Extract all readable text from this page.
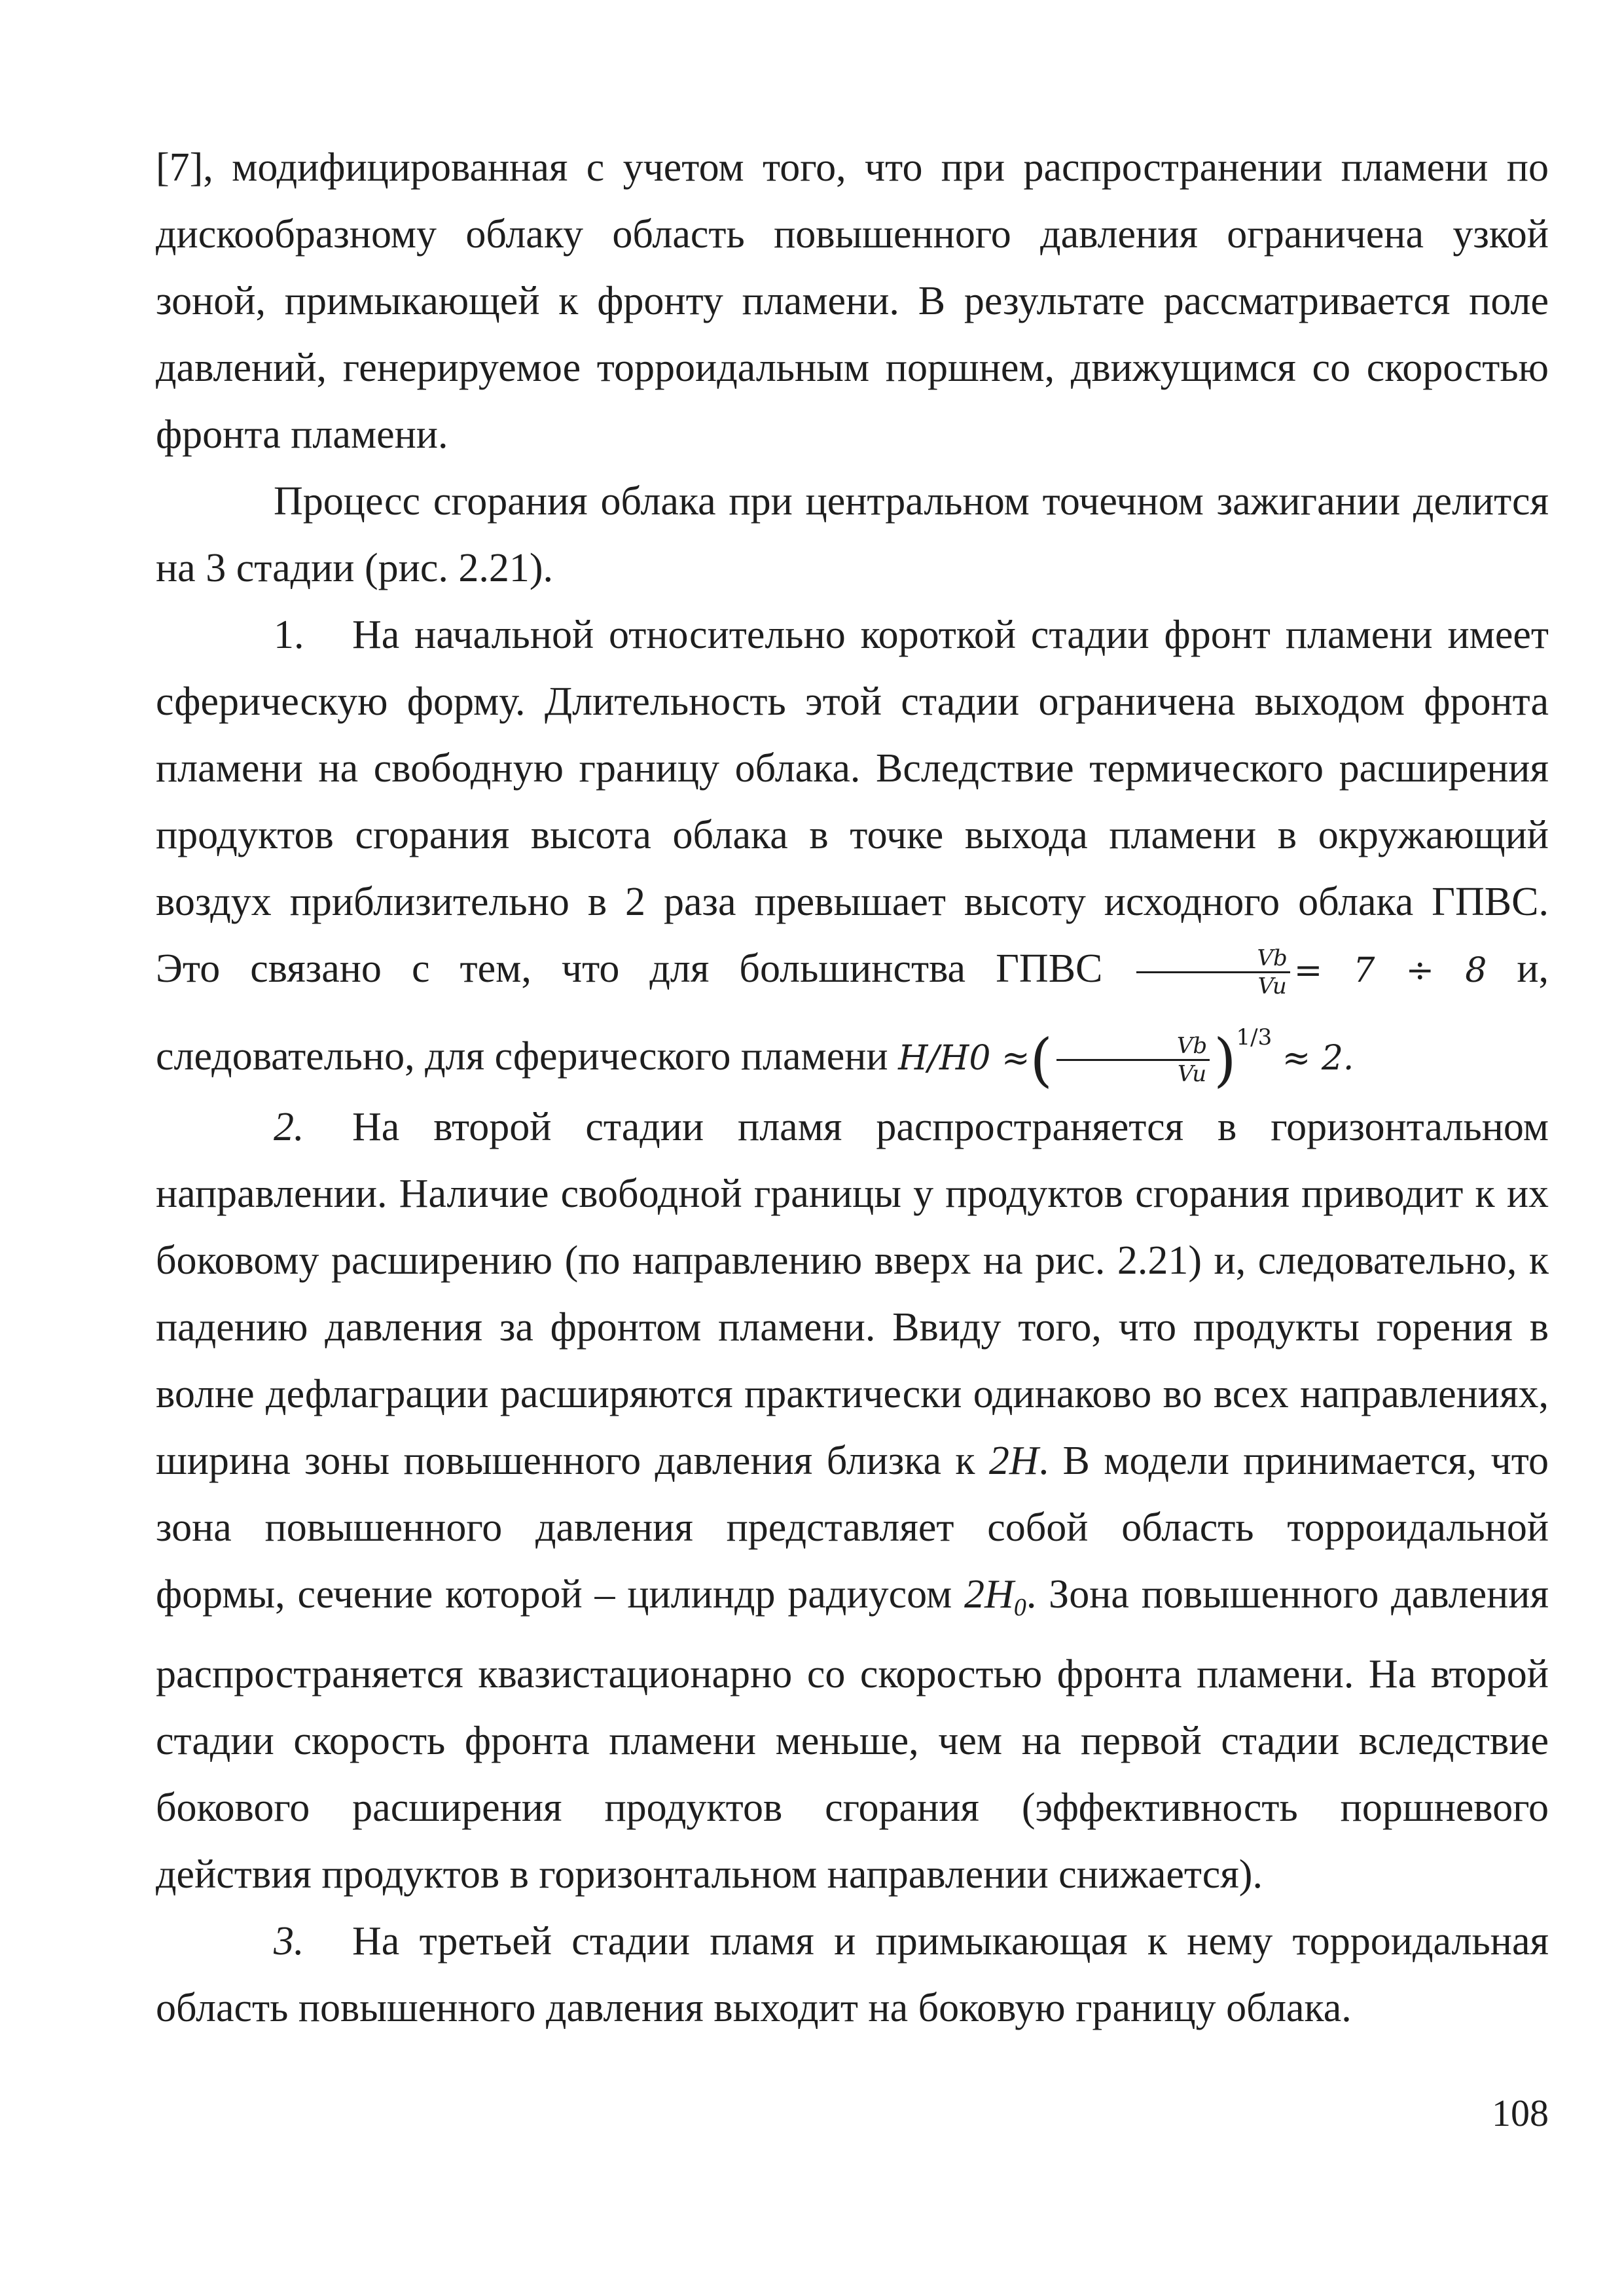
[7], модифицированная с учетом того, что при распространении пламени по дискообразному облаку область повышенного давления ограничена узкой зоной, примыкающей к фронту пламени. В результате рассматривается поле давлений, генерируемое торроидальным поршнем, движущимся со скоростью фронта пламени.

Процесс сгорания облака при центральном точечном зажигании делится на 3 стадии (рис. 2.21).

1. На начальной относительно короткой стадии фронт пламени имеет сферическую форму. Длительность этой стадии ограничена выходом фронта пламени на свободную границу облака. Вследствие термического расширения продуктов сгорания высота облака в точке выхода пламени в окружающий воздух приблизительно в 2 раза превышает высоту исходного облака ГПВС. Это связано с тем, что для большинства ГПВС $\frac{Vb}{Vu} = 7 \div 8$ и, следовательно, для сферического пламени H/H0 ≈( $\frac{Vb}{Vu} )^{1/3} \approx 2$.

2. На второй стадии пламя распространяется в горизонтальном направлении. Наличие свободной границы у продуктов сгорания приводит к их боковому расширению (по направлению вверх на рис. 2.21) и, следовательно, к падению давления за фронтом пламени. Ввиду того, что продукты горения в волне дефлаграции расширяются практически одинаково во всех направлениях, ширина зоны повышенного давления близка к 2H. В модели принимается, что зона повышенного давления представляет собой область торроидальной формы, сечение которой – цилиндр радиусом $2H_0$. Зона повышенного давления распространяется квазистационарно со скоростью фронта пламени. На второй стадии скорость фронта пламени меньше, чем на первой стадии вследствие бокового расширения продуктов сгорания (эффективность поршневого действия продуктов в горизонтальном направлении снижается).

3. На третьей стадии пламя и примыкающая к нему торроидальная область повышенного давления выходит на боковую границу облака.

108
